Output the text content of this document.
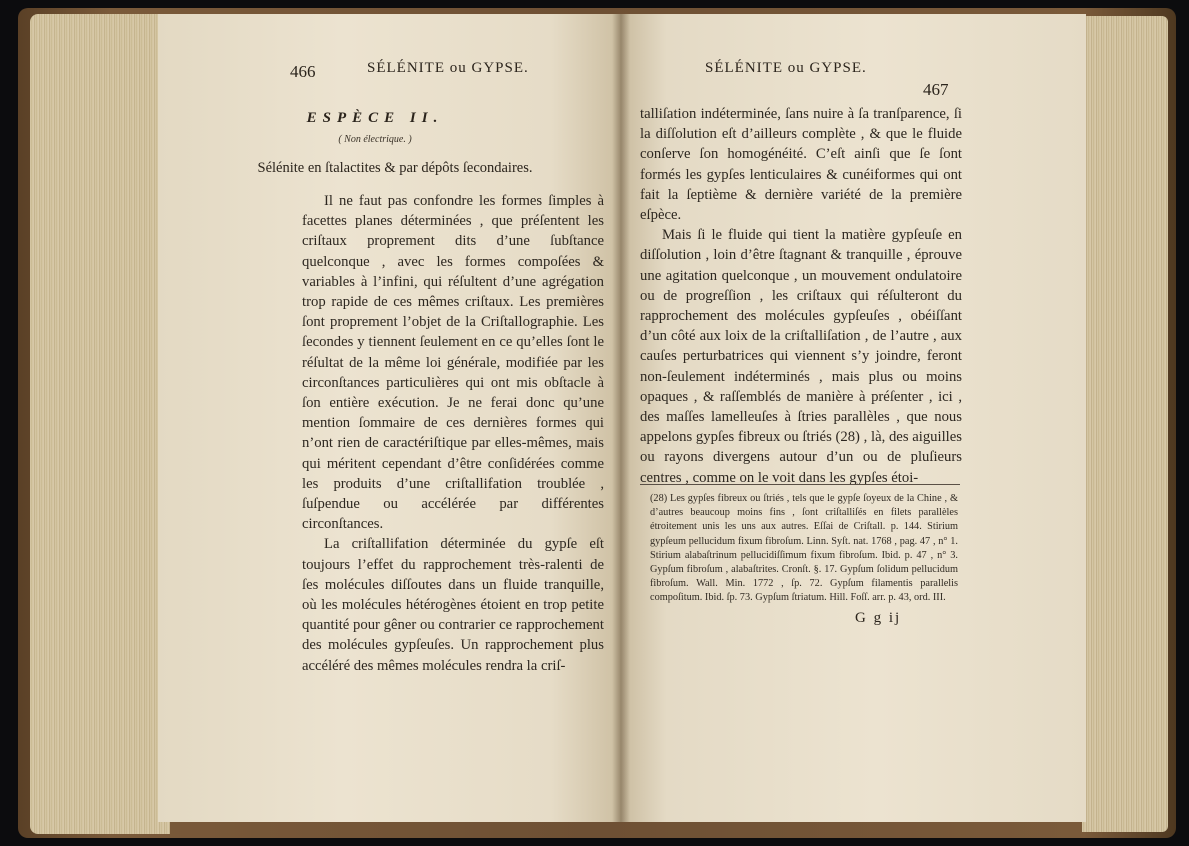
466	SÉLÉNITE ou GYPSE.
ESPÈCE II.
( Non électrique. )
Sélénite en ſtalactites & par dépôts ſecondaires.

Il ne faut pas confondre les formes ſimples à facettes planes déterminées , que préſentent les criſtaux proprement dits d’une ſubſtance quelconque , avec les formes compoſées & variables à l’infini, qui réſultent d’une agrégation trop rapide de ces mêmes criſtaux. Les premières ſont proprement l’objet de la Criſtallographie. Les ſecondes y tiennent ſeulement en ce qu’elles ſont le réſultat de la même loi générale, modifiée par les circonſtances particulières qui ont mis obſtacle à ſon entière exécution. Je ne ferai donc qu’une mention ſommaire de ces dernières formes qui n’ont rien de caractériſtique par elles-mêmes, mais qui méritent cependant d’être conſidérées comme les produits d’une criſtallifation troublée , ſuſpendue ou accélérée par différentes circonſtances.

La criſtallifation déterminée du gypſe eſt toujours l’effet du rapprochement très-ralenti de ſes molécules diſſoutes dans un fluide tranquille, où les molécules hétérogènes étoient en trop petite quantité pour gêner ou contrarier ce rapprochement des molécules gypſeuſes. Un rapprochement plus accéléré des mêmes molécules rendra la criſ-

SÉLÉNITE ou GYPSE.
467

talliſation indéterminée, ſans nuire à ſa tranſparence, ſi la diſſolution eſt d’ailleurs complète , & que le fluide conſerve ſon homogénéité. C’eſt ainſi que ſe ſont formés les gypſes lenticulaires & cunéiformes qui ont fait la ſeptième & dernière variété de la première eſpèce.

Mais ſi le fluide qui tient la matière gypſeuſe en diſſolution , loin d’être ſtagnant & tranquille , éprouve une agitation quelconque , un mouvement ondulatoire ou de progreſſion , les criſtaux qui réſulteront du rapprochement des molécules gypſeuſes , obéiſſant d’un côté aux loix de la criſtalliſation , de l’autre , aux cauſes perturbatrices qui viennent s’y joindre, feront non-ſeulement indéterminés , mais plus ou moins opaques , & raſſemblés de manière à préſenter , ici , des maſſes lamelleuſes à ſtries parallèles , que nous appelons gypſes fibreux ou ſtriés (28) , là, des aiguilles ou rayons divergens autour d’un ou de pluſieurs centres , comme on le voit dans les gypſes étoi-

(28) Les gypſes fibreux ou ſtriés , tels que le gypſe ſoyeux de la Chine , & d’autres beaucoup moins fins , ſont criſtalliſés en filets parallèles étroitement unis les uns aux autres. Eſſai de Criſtall. p. 144. Stirium gypſeum pellucidum fixum fibroſum. Linn. Syſt. nat. 1768 , pag. 47 , n° 1. Stirium alabaſtrinum pellucidiſſimum fixum fibroſum. Ibid. p. 47 , n° 3. Gypſum fibroſum , alabaſtrites. Cronſt. §. 17. Gypſum ſolidum pellucidum fibroſum. Wall. Min. 1772 , ſp. 72. Gypſum filamentis parallelis compoſitum. Ibid. ſp. 73. Gypſum ſtriatum. Hill. Foſſ. arr. p. 43, ord. III.
G g ij
